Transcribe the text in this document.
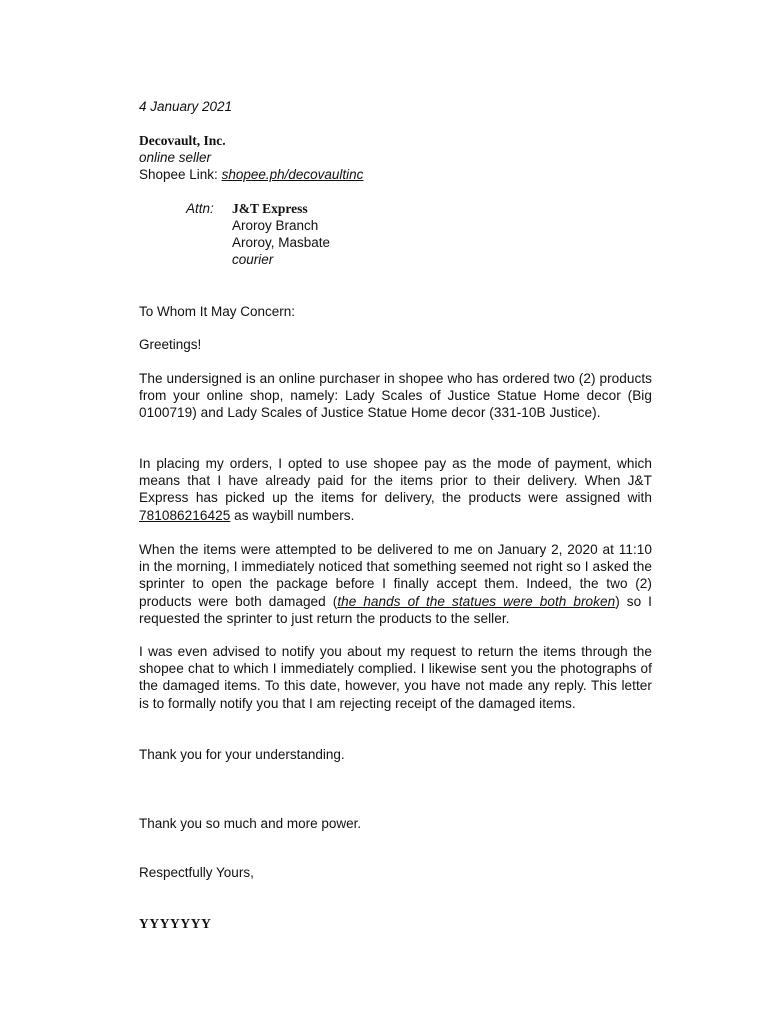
4 January 2021
Decovault, Inc.
online seller
Shopee Link: shopee.ph/decovaultinc
Attn: J&T Express
Aroroy Branch
Aroroy, Masbate
courier
To Whom It May Concern:
Greetings!
The undersigned is an online purchaser in shopee who has ordered two (2) products from your online shop, namely: Lady Scales of Justice Statue Home decor (Big 0100719) and Lady Scales of Justice Statue Home decor (331-10B Justice).
In placing my orders, I opted to use shopee pay as the mode of payment, which means that I have already paid for the items prior to their delivery. When J&T Express has picked up the items for delivery, the products were assigned with 781086216425 as waybill numbers.
When the items were attempted to be delivered to me on January 2, 2020 at 11:10 in the morning, I immediately noticed that something seemed not right so I asked the sprinter to open the package before I finally accept them. Indeed, the two (2) products were both damaged (the hands of the statues were both broken) so I requested the sprinter to just return the products to the seller.
I was even advised to notify you about my request to return the items through the shopee chat to which I immediately complied. I likewise sent you the photographs of the damaged items. To this date, however, you have not made any reply. This letter is to formally notify you that I am rejecting receipt of the damaged items.
Thank you for your understanding.
Thank you so much and more power.
Respectfully Yours,
YYYYYYY
